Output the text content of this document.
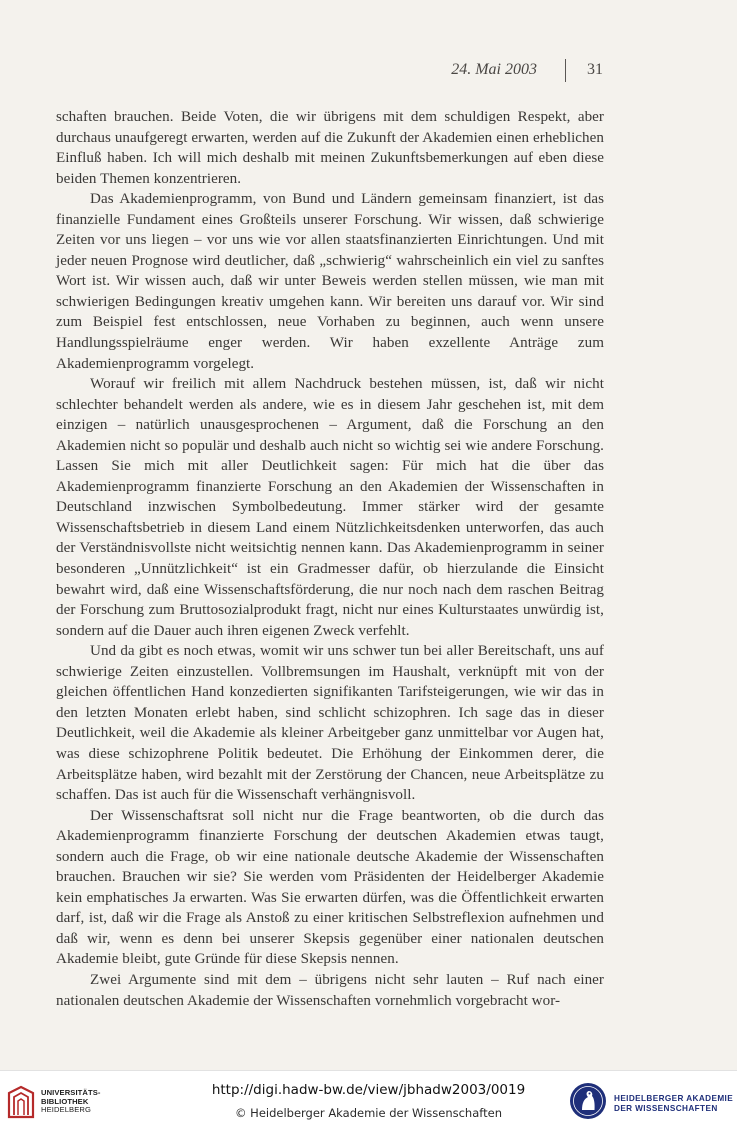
24. Mai 2003	31

schaften brauchen. Beide Voten, die wir übrigens mit dem schuldigen Respekt, aber durchaus unaufgeregt erwarten, werden auf die Zukunft der Akademien einen erheblichen Einfluß haben. Ich will mich deshalb mit meinen Zukunftsbemerkungen auf eben diese beiden Themen konzentrieren.

Das Akademienprogramm, von Bund und Ländern gemeinsam finanziert, ist das finanzielle Fundament eines Großteils unserer Forschung. Wir wissen, daß schwierige Zeiten vor uns liegen – vor uns wie vor allen staatsfinanzierten Einrichtungen. Und mit jeder neuen Prognose wird deutlicher, daß „schwierig“ wahrscheinlich ein viel zu sanftes Wort ist. Wir wissen auch, daß wir unter Beweis werden stellen müssen, wie man mit schwierigen Bedingungen kreativ umgehen kann. Wir bereiten uns darauf vor. Wir sind zum Beispiel fest entschlossen, neue Vorhaben zu beginnen, auch wenn unsere Handlungsspielräume enger werden. Wir haben exzellente Anträge zum Akademienprogramm vorgelegt.

Worauf wir freilich mit allem Nachdruck bestehen müssen, ist, daß wir nicht schlechter behandelt werden als andere, wie es in diesem Jahr geschehen ist, mit dem einzigen – natürlich unausgesprochenen – Argument, daß die Forschung an den Akademien nicht so populär und deshalb auch nicht so wichtig sei wie andere Forschung. Lassen Sie mich mit aller Deutlichkeit sagen: Für mich hat die über das Akademienprogramm finanzierte Forschung an den Akademien der Wissenschaften in Deutschland inzwischen Symbolbedeutung. Immer stärker wird der gesamte Wissenschaftsbetrieb in diesem Land einem Nützlichkeitsdenken unterworfen, das auch der Verständnisvollste nicht weitsichtig nennen kann. Das Akademienprogramm in seiner besonderen „Unnützlichkeit“ ist ein Gradmesser dafür, ob hierzulande die Einsicht bewahrt wird, daß eine Wissenschaftsförderung, die nur noch nach dem raschen Beitrag der Forschung zum Bruttosozialprodukt fragt, nicht nur eines Kulturstaates unwürdig ist, sondern auf die Dauer auch ihren eigenen Zweck verfehlt.

Und da gibt es noch etwas, womit wir uns schwer tun bei aller Bereitschaft, uns auf schwierige Zeiten einzustellen. Vollbremsungen im Haushalt, verknüpft mit von der gleichen öffentlichen Hand konzedierten signifikanten Tarifsteigerungen, wie wir das in den letzten Monaten erlebt haben, sind schlicht schizophren. Ich sage das in dieser Deutlichkeit, weil die Akademie als kleiner Arbeitgeber ganz unmittelbar vor Augen hat, was diese schizophrene Politik bedeutet. Die Erhöhung der Einkommen derer, die Arbeitsplätze haben, wird bezahlt mit der Zerstörung der Chancen, neue Arbeitsplätze zu schaffen. Das ist auch für die Wissenschaft verhängnisvoll.

Der Wissenschaftsrat soll nicht nur die Frage beantworten, ob die durch das Akademienprogramm finanzierte Forschung der deutschen Akademien etwas taugt, sondern auch die Frage, ob wir eine nationale deutsche Akademie der Wissenschaften brauchen. Brauchen wir sie? Sie werden vom Präsidenten der Heidelberger Akademie kein emphatisches Ja erwarten. Was Sie erwarten dürfen, was die Öffentlichkeit erwarten darf, ist, daß wir die Frage als Anstoß zu einer kritischen Selbstreflexion aufnehmen und daß wir, wenn es denn bei unserer Skepsis gegenüber einer nationalen deutschen Akademie bleibt, gute Gründe für diese Skepsis nennen.

Zwei Argumente sind mit dem – übrigens nicht sehr lauten – Ruf nach einer nationalen deutschen Akademie der Wissenschaften vornehmlich vorgebracht wor-

UNIVERSITÄTS-
BIBLIOTHEK
HEIDELBERG
http://digi.hadw-bw.de/view/jbhadw2003/0019
© Heidelberger Akademie der Wissenschaften
HEIDELBERGER AKADEMIE
DER WISSENSCHAFTEN
